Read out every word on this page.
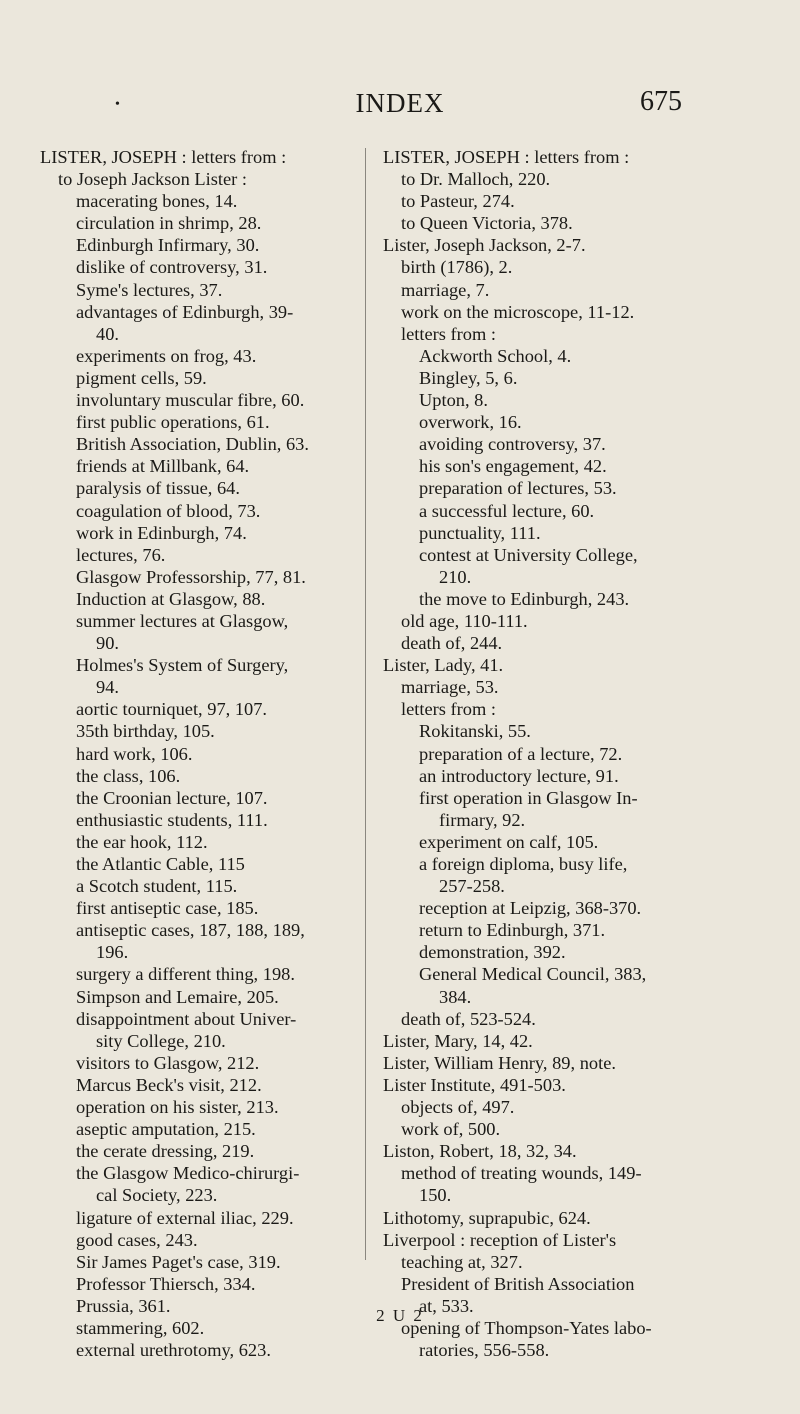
•	INDEX	675
LISTER, JOSEPH : letters from :
to Joseph Jackson Lister :
macerating bones, 14.
circulation in shrimp, 28.
Edinburgh Infirmary, 30.
dislike of controversy, 31.
Syme's lectures, 37.
advantages of Edinburgh, 39-
40.
experiments on frog, 43.
pigment cells, 59.
involuntary muscular fibre, 60.
first public operations, 61.
British Association, Dublin, 63.
friends at Millbank, 64.
paralysis of tissue, 64.
coagulation of blood, 73.
work in Edinburgh, 74.
lectures, 76.
Glasgow Professorship, 77, 81.
Induction at Glasgow, 88.
summer lectures at Glasgow,
90.
Holmes's System of Surgery,
94.
aortic tourniquet, 97, 107.
35th birthday, 105.
hard work, 106.
the class, 106.
the Croonian lecture, 107.
enthusiastic students, 111.
the ear hook, 112.
the Atlantic Cable, 115
a Scotch student, 115.
first antiseptic case, 185.
antiseptic cases, 187, 188, 189,
196.
surgery a different thing, 198.
Simpson and Lemaire, 205.
disappointment about Univer-
sity College, 210.
visitors to Glasgow, 212.
Marcus Beck's visit, 212.
operation on his sister, 213.
aseptic amputation, 215.
the cerate dressing, 219.
the Glasgow Medico-chirurgi-
cal Society, 223.
ligature of external iliac, 229.
good cases, 243.
Sir James Paget's case, 319.
Professor Thiersch, 334.
Prussia, 361.
stammering, 602.
external urethrotomy, 623.
LISTER, JOSEPH : letters from :
to Dr. Malloch, 220.
to Pasteur, 274.
to Queen Victoria, 378.
Lister, Joseph Jackson, 2-7.
birth (1786), 2.
marriage, 7.
work on the microscope, 11-12.
letters from :
Ackworth School, 4.
Bingley, 5, 6.
Upton, 8.
overwork, 16.
avoiding controversy, 37.
his son's engagement, 42.
preparation of lectures, 53.
a successful lecture, 60.
punctuality, 111.
contest at University College,
210.
the move to Edinburgh, 243.
old age, 110-111.
death of, 244.
Lister, Lady, 41.
marriage, 53.
letters from :
Rokitanski, 55.
preparation of a lecture, 72.
an introductory lecture, 91.
first operation in Glasgow In-
firmary, 92.
experiment on calf, 105.
a foreign diploma, busy life,
257-258.
reception at Leipzig, 368-370.
return to Edinburgh, 371.
demonstration, 392.
General Medical Council, 383,
384.
death of, 523-524.
Lister, Mary, 14, 42.
Lister, William Henry, 89, note.
Lister Institute, 491-503.
objects of, 497.
work of, 500.
Liston, Robert, 18, 32, 34.
method of treating wounds, 149-
150.
Lithotomy, suprapubic, 624.
Liverpool : reception of Lister's
teaching at, 327.
President of British Association
at, 533.
opening of Thompson-Yates labo-
ratories, 556-558.
2 U 2
